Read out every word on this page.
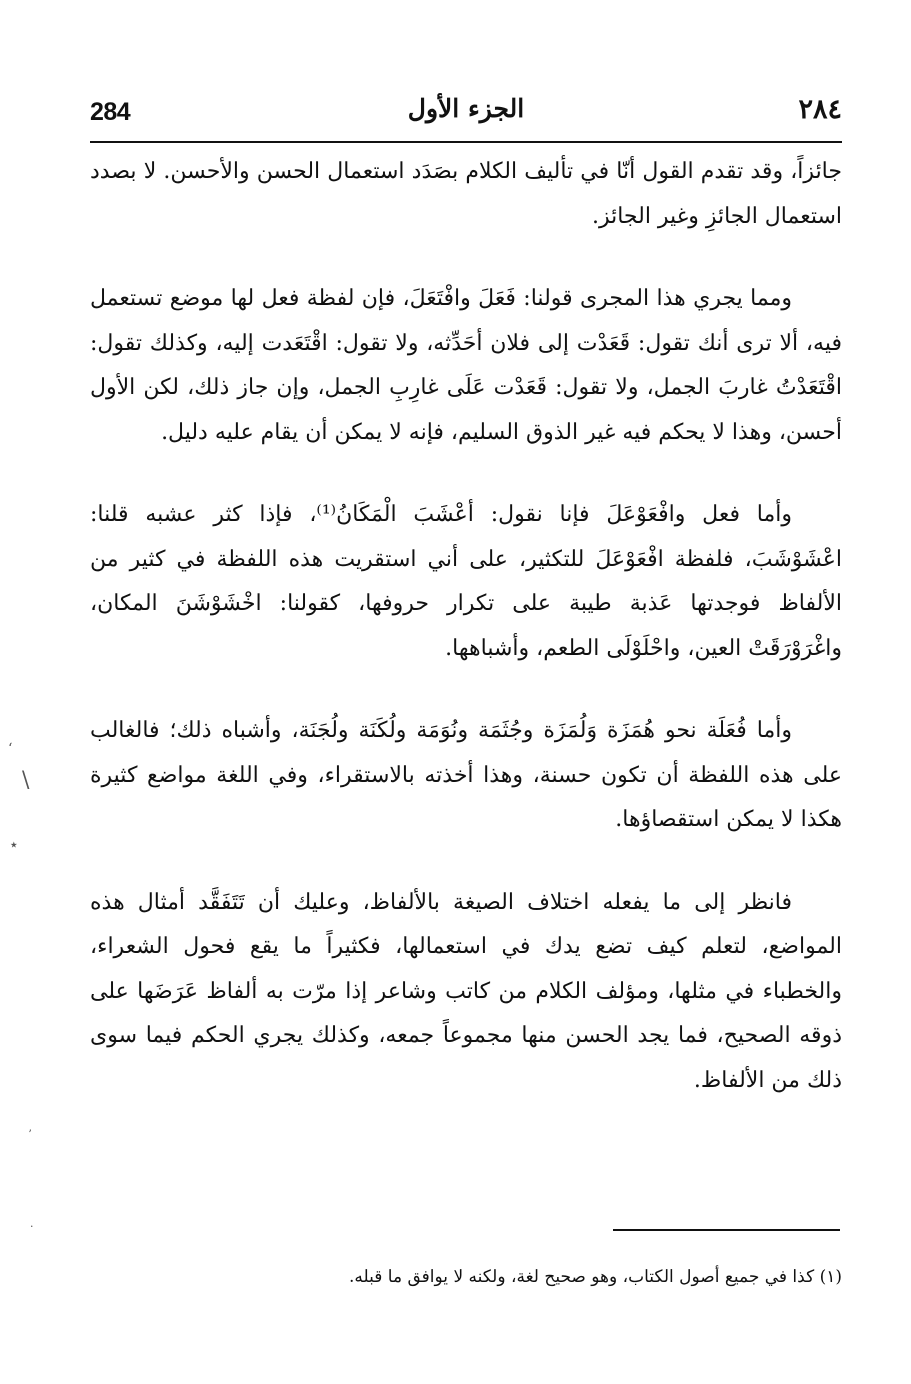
284	الجزء الأول	٢٨٤

جائزاً، وقد تقدم القول أنّا في تأليف الكلام بصَدَد استعمال الحسن والأحسن. لا بصدد استعمال الجائزِ وغير الجائز.

ومما يجري هذا المجرى قولنا: فَعَلَ وافْتَعَلَ، فإن لفظة فعل لها موضع تستعمل فيه، ألا ترى أنك تقول: قَعَدْت إلى فلان أحَدِّثه، ولا تقول: اقْتَعَدت إليه، وكذلك تقول: اقْتَعَدْتُ غاربَ الجمل، ولا تقول: قَعَدْت عَلَى غارِبِ الجمل، وإن جاز ذلك، لكن الأول أحسن، وهذا لا يحكم فيه غير الذوق السليم، فإنه لا يمكن أن يقام عليه دليل.

وأما فعل وافْعَوْعَلَ فإنا نقول: أعْشَبَ الْمَكَانُ⁽¹⁾، فإذا كثر عشبه قلنا: اعْشَوْشَبَ، فلفظة افْعَوْعَلَ للتكثير، على أني استقريت هذه اللفظة في كثير من الألفاظ فوجدتها عَذبة طيبة على تكرار حروفها، كقولنا: اخْشَوْشَنَ المكان، واغْرَوْرَقَتْ العين، واحْلَوْلَى الطعم، وأشباهها.

وأما فُعَلَة نحو هُمَزَة وَلُمَزَة وجُثَمَة ونُوَمَة ولُكَنَة ولُجَنَة، وأشباه ذلك؛ فالغالب على هذه اللفظة أن تكون حسنة، وهذا أخذته بالاستقراء، وفي اللغة مواضع كثيرة هكذا لا يمكن استقصاؤها.

فانظر إلى ما يفعله اختلاف الصيغة بالألفاظ، وعليك أن تَتَفَقَّد أمثال هذه المواضع، لتعلم كيف تضع يدك في استعمالها، فكثيراً ما يقع فحول الشعراء، والخطباء في مثلها، ومؤلف الكلام من كاتب وشاعر إذا مرّت به ألفاظ عَرَضَها على ذوقه الصحيح، فما يجد الحسن منها مجموعاً جمعه، وكذلك يجري الحكم فيما سوى ذلك من الألفاظ.

(١) كذا في جميع أصول الكتاب، وهو صحيح لغة، ولكنه لا يوافق ما قبله.
ʻ
\
٭
ʼ
·
